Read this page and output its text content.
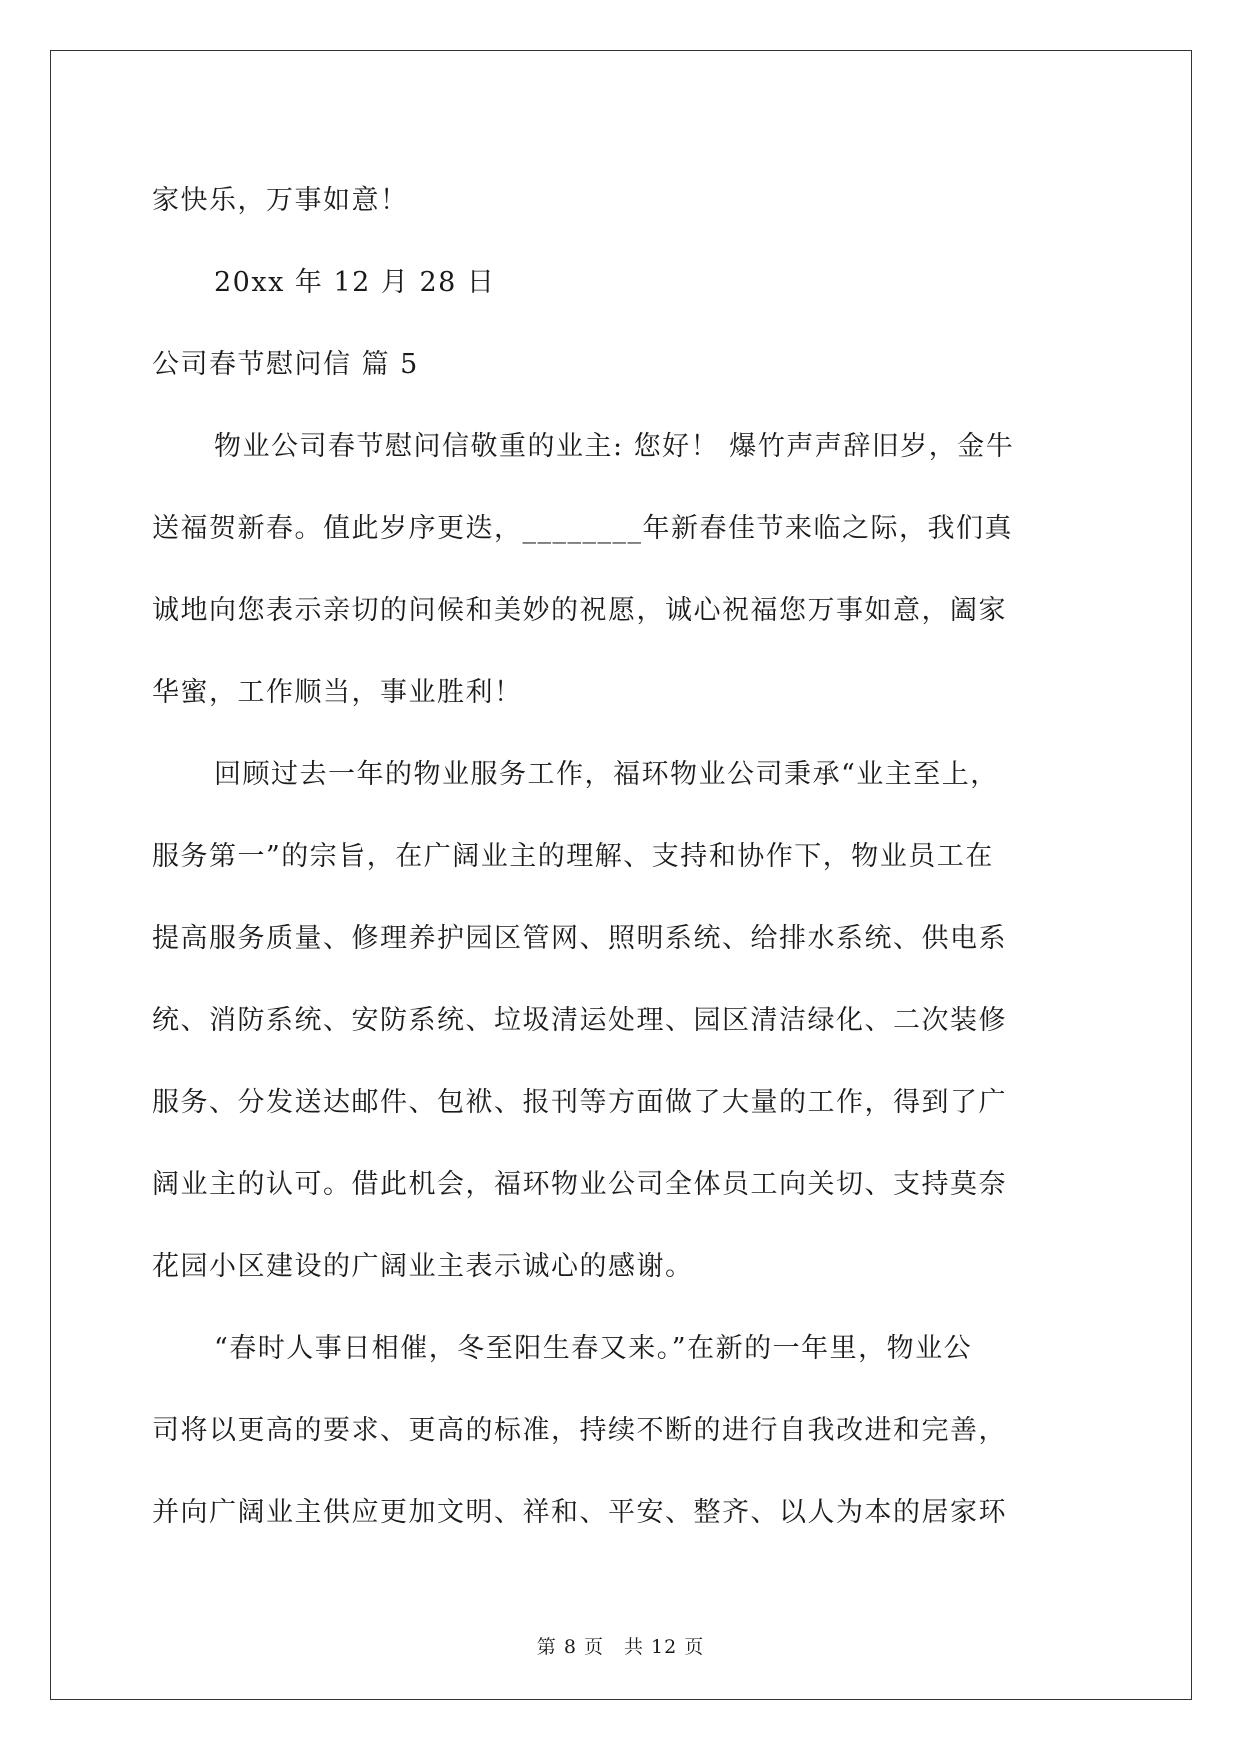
家快乐，万事如意！
20xx 年 12 月 28 日
公司春节慰问信 篇 5
物业公司春节慰问信敬重的业主: 您好！ 爆竹声声辞旧岁，金牛
送福贺新春。值此岁序更迭，________年新春佳节来临之际，我们真
诚地向您表示亲切的问候和美妙的祝愿，诚心祝福您万事如意，阖家
华蜜，工作顺当，事业胜利！
回顾过去一年的物业服务工作，福环物业公司秉承“业主至上，
服务第一”的宗旨，在广阔业主的理解、支持和协作下，物业员工在
提高服务质量、修理养护园区管网、照明系统、给排水系统、供电系
统、消防系统、安防系统、垃圾清运处理、园区清洁绿化、二次装修
服务、分发送达邮件、包袱、报刊等方面做了大量的工作，得到了广
阔业主的认可。借此机会，福环物业公司全体员工向关切、支持莫奈
花园小区建设的广阔业主表示诚心的感谢。
“春时人事日相催，冬至阳生春又来。”在新的一年里，物业公
司将以更高的要求、更高的标准，持续不断的进行自我改进和完善，
并向广阔业主供应更加文明、祥和、平安、整齐、以人为本的居家环
第 8 页　共 12 页
